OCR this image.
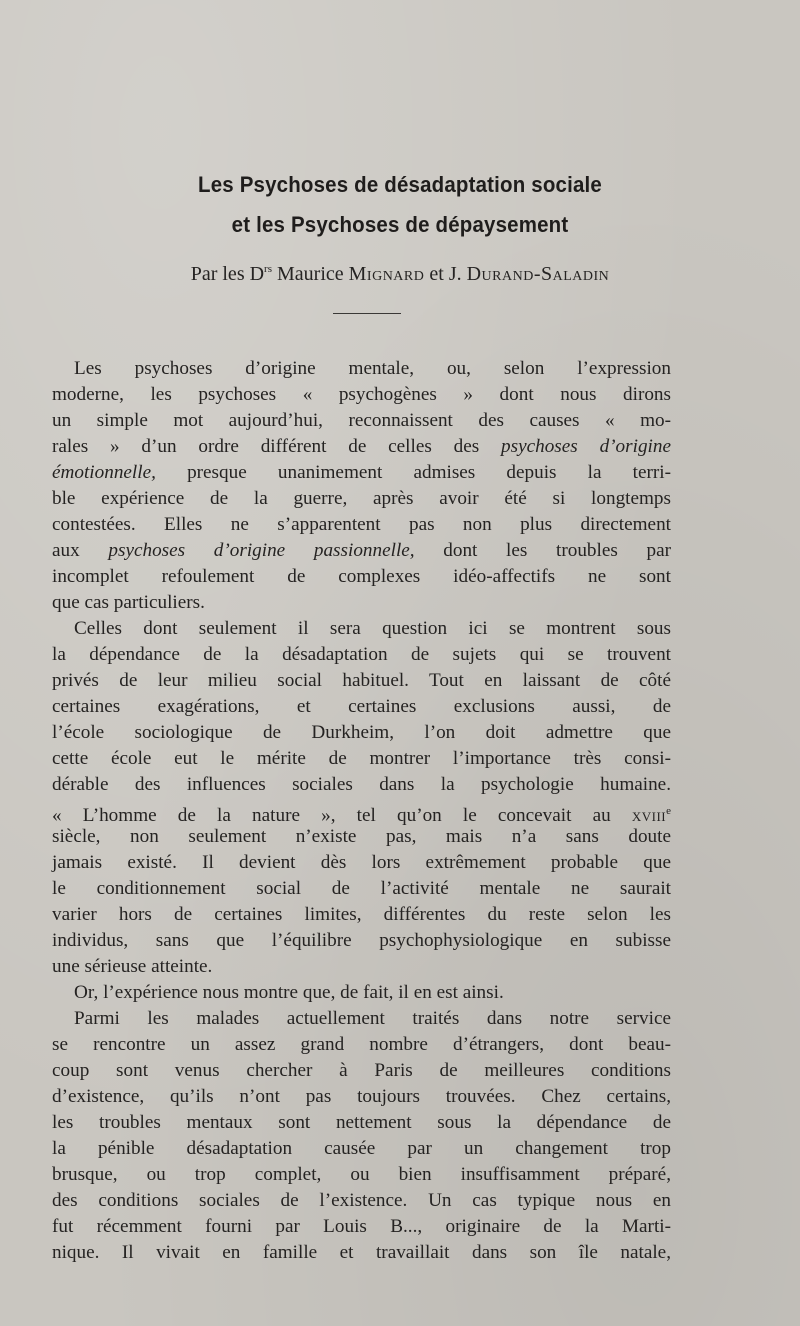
Les Psychoses de désadaptation sociale
et les Psychoses de dépaysement
Par les $D^{rs}$ Maurice Mignard et J. Durand-Saladin
Les psychoses d’origine mentale, ou, selon l’expression
moderne, les psychoses « psychogènes » dont nous dirons
un simple mot aujourd’hui, reconnaissent des causes « mo-
rales » d’un ordre différent de celles des psychoses d’origine
émotionnelle, presque unanimement admises depuis la terri-
ble expérience de la guerre, après avoir été si longtemps
contestées. Elles ne s’apparentent pas non plus directement
aux psychoses d’origine passionnelle, dont les troubles par
incomplet refoulement de complexes idéo-affectifs ne sont
que cas particuliers.
Celles dont seulement il sera question ici se montrent sous
la dépendance de la désadaptation de sujets qui se trouvent
privés de leur milieu social habituel. Tout en laissant de côté
certaines exagérations, et certaines exclusions aussi, de
l’école sociologique de Durkheim, l’on doit admettre que
cette école eut le mérite de montrer l’importance très consi-
dérable des influences sociales dans la psychologie humaine.
« L’homme de la nature », tel qu’on le concevait au xviii$^e$
siècle, non seulement n’existe pas, mais n’a sans doute
jamais existé. Il devient dès lors extrêmement probable que
le conditionnement social de l’activité mentale ne saurait
varier hors de certaines limites, différentes du reste selon les
individus, sans que l’équilibre psychophysiologique en subisse
une sérieuse atteinte.
Or, l’expérience nous montre que, de fait, il en est ainsi.
Parmi les malades actuellement traités dans notre service
se rencontre un assez grand nombre d’étrangers, dont beau-
coup sont venus chercher à Paris de meilleures conditions
d’existence, qu’ils n’ont pas toujours trouvées. Chez certains,
les troubles mentaux sont nettement sous la dépendance de
la pénible désadaptation causée par un changement trop
brusque, ou trop complet, ou bien insuffisamment préparé,
des conditions sociales de l’existence. Un cas typique nous en
fut récemment fourni par Louis B..., originaire de la Marti-
nique. Il vivait en famille et travaillait dans son île natale,
